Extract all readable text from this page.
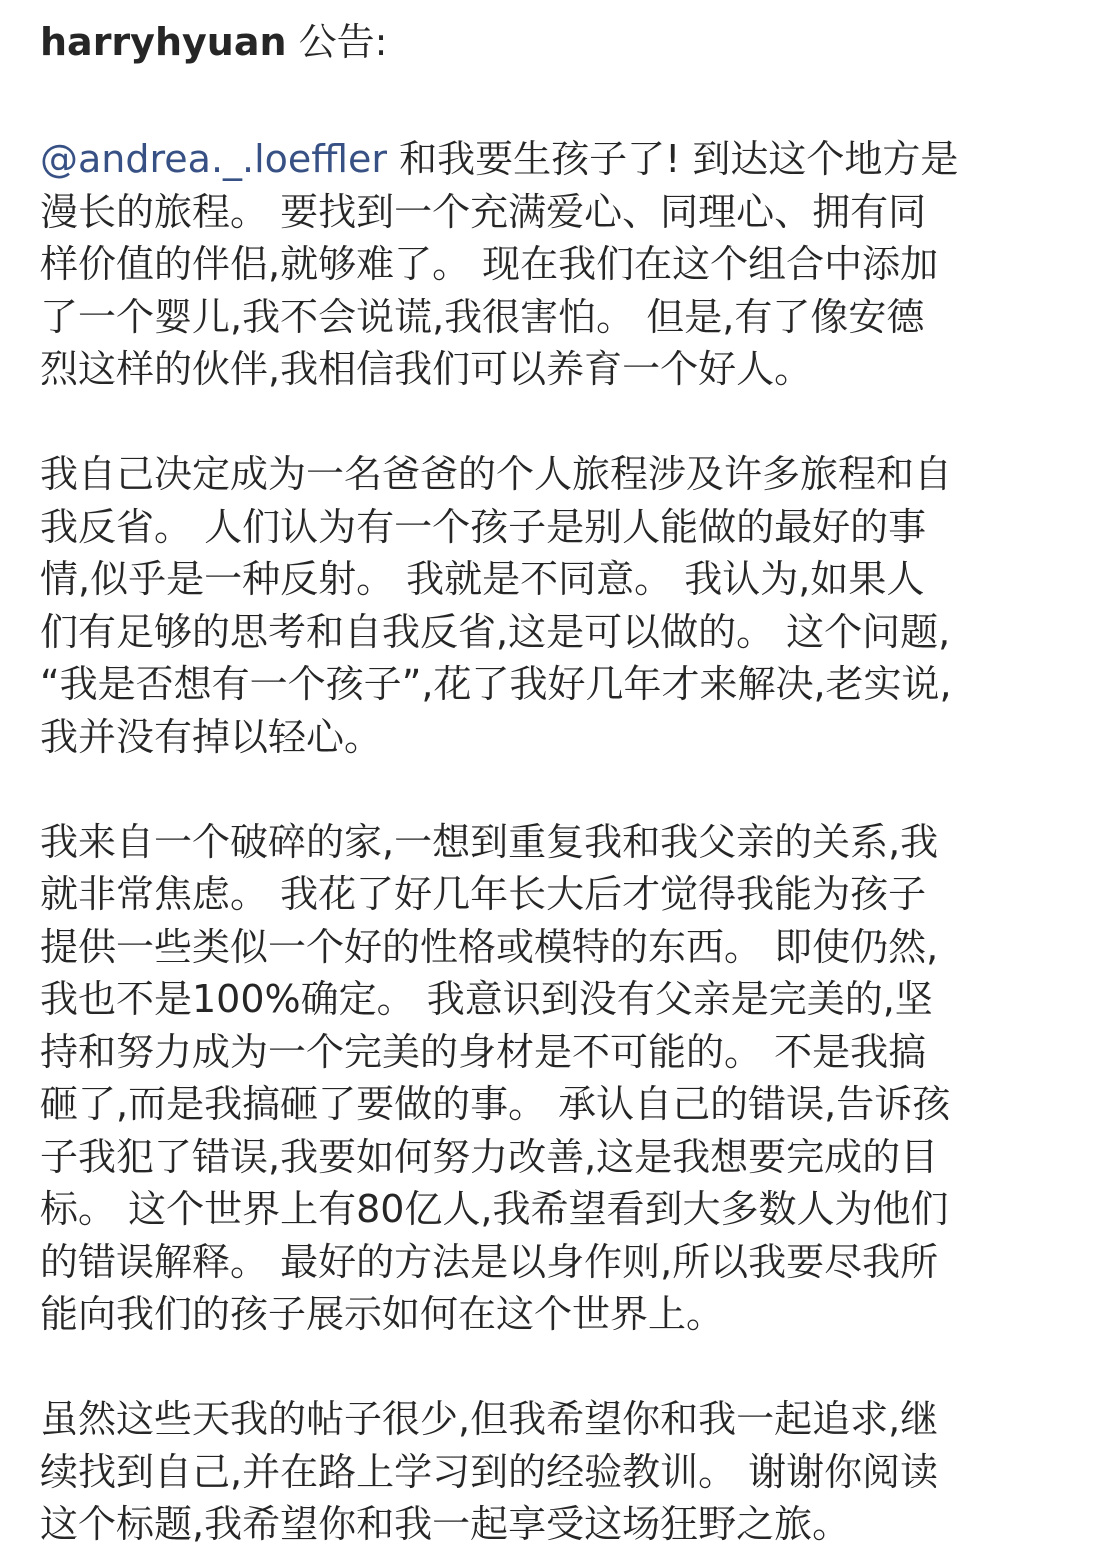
harryhyuan 公告:
@andrea._.loeffler 和我要生孩子了! 到达这个地方是
漫长的旅程。 要找到一个充满爱心、同理心、拥有同
样价值的伴侣,就够难了。 现在我们在这个组合中添加
了一个婴儿,我不会说谎,我很害怕。 但是,有了像安德
烈这样的伙伴,我相信我们可以养育一个好人。
我自己决定成为一名爸爸的个人旅程涉及许多旅程和自
我反省。 人们认为有一个孩子是别人能做的最好的事
情,似乎是一种反射。 我就是不同意。 我认为,如果人
们有足够的思考和自我反省,这是可以做的。 这个问题,
“我是否想有一个孩子”,花了我好几年才来解决,老实说,
我并没有掉以轻心。
我来自一个破碎的家,一想到重复我和我父亲的关系,我
就非常焦虑。 我花了好几年长大后才觉得我能为孩子
提供一些类似一个好的性格或模特的东西。 即使仍然,
我也不是100%确定。 我意识到没有父亲是完美的,坚
持和努力成为一个完美的身材是不可能的。 不是我搞
砸了,而是我搞砸了要做的事。 承认自己的错误,告诉孩
子我犯了错误,我要如何努力改善,这是我想要完成的目
标。 这个世界上有80亿人,我希望看到大多数人为他们
的错误解释。 最好的方法是以身作则,所以我要尽我所
能向我们的孩子展示如何在这个世界上。
虽然这些天我的帖子很少,但我希望你和我一起追求,继
续找到自己,并在路上学习到的经验教训。 谢谢你阅读
这个标题,我希望你和我一起享受这场狂野之旅。
